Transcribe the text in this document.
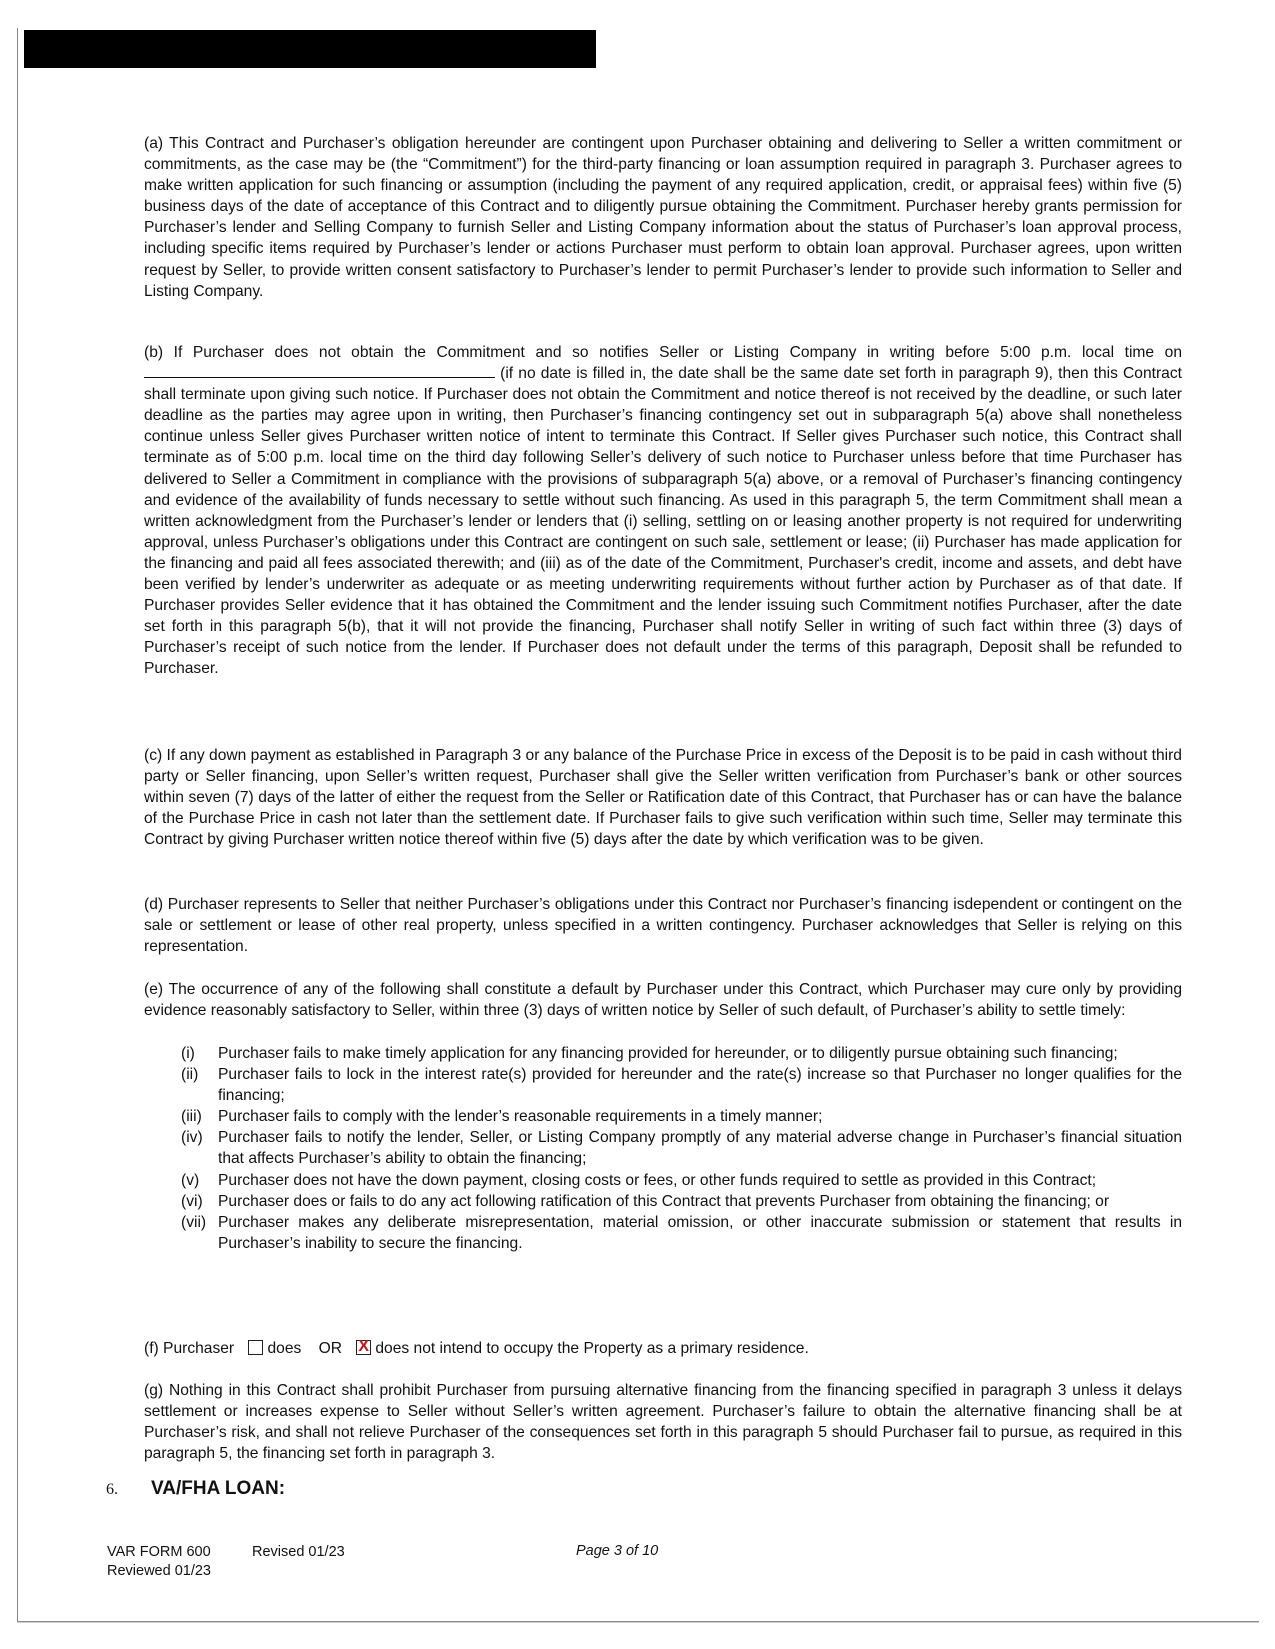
(a) This Contract and Purchaser’s obligation hereunder are contingent upon Purchaser obtaining and delivering to Seller a written commitment or commitments, as the case may be (the “Commitment”) for the third-party financing or loan assumption required in paragraph 3. Purchaser agrees to make written application for such financing or assumption (including the payment of any required application, credit, or appraisal fees) within five (5) business days of the date of acceptance of this Contract and to diligently pursue obtaining the Commitment. Purchaser hereby grants permission for Purchaser’s lender and Selling Company to furnish Seller and Listing Company information about the status of Purchaser’s loan approval process, including specific items required by Purchaser’s lender or actions Purchaser must perform to obtain loan approval. Purchaser agrees, upon written request by Seller, to provide written consent satisfactory to Purchaser’s lender to permit Purchaser’s lender to provide such information to Seller and Listing Company.

(b) If Purchaser does not obtain the Commitment and so notifies Seller or Listing Company in writing before 5:00 p.m. local time on  (if no date is filled in, the date shall be the same date set forth in paragraph 9), then this Contract shall terminate upon giving such notice. If Purchaser does not obtain the Commitment and notice thereof is not received by the deadline, or such later deadline as the parties may agree upon in writing, then Purchaser’s financing contingency set out in subparagraph 5(a) above shall nonetheless continue unless Seller gives Purchaser written notice of intent to terminate this Contract. If Seller gives Purchaser such notice, this Contract shall terminate as of 5:00 p.m. local time on the third day following Seller’s delivery of such notice to Purchaser unless before that time Purchaser has delivered to Seller a Commitment in compliance with the provisions of subparagraph 5(a) above, or a removal of Purchaser’s financing contingency and evidence of the availability of funds necessary to settle without such financing. As used in this paragraph 5, the term Commitment shall mean a written acknowledgment from the Purchaser’s lender or lenders that (i) selling, settling on or leasing another property is not required for underwriting approval, unless Purchaser’s obligations under this Contract are contingent on such sale, settlement or lease; (ii) Purchaser has made application for the financing and paid all fees associated therewith; and (iii) as of the date of the Commitment, Purchaser's credit, income and assets, and debt have been verified by lender’s underwriter as adequate or as meeting underwriting requirements without further action by Purchaser as of that date. If Purchaser provides Seller evidence that it has obtained the Commitment and the lender issuing such Commitment notifies Purchaser, after the date set forth in this paragraph 5(b), that it will not provide the financing, Purchaser shall notify Seller in writing of such fact within three (3) days of Purchaser’s receipt of such notice from the lender. If Purchaser does not default under the terms of this paragraph, Deposit shall be refunded to Purchaser.

(c) If any down payment as established in Paragraph 3 or any balance of the Purchase Price in excess of the Deposit is to be paid in cash without third party or Seller financing, upon Seller’s written request, Purchaser shall give the Seller written verification from Purchaser’s bank or other sources within seven (7) days of the latter of either the request from the Seller or Ratification date of this Contract, that Purchaser has or can have the balance of the Purchase Price in cash not later than the settlement date. If Purchaser fails to give such verification within such time, Seller may terminate this Contract by giving Purchaser written notice thereof within five (5) days after the date by which verification was to be given.

(d) Purchaser represents to Seller that neither Purchaser’s obligations under this Contract nor Purchaser’s financing isdependent or contingent on the sale or settlement or lease of other real property, unless specified in a written contingency. Purchaser acknowledges that Seller is relying on this representation.

(e) The occurrence of any of the following shall constitute a default by Purchaser under this Contract, which Purchaser may cure only by providing evidence reasonably satisfactory to Seller, within three (3) days of written notice by Seller of such default, of Purchaser’s ability to settle timely:

(i)	Purchaser fails to make timely application for any financing provided for hereunder, or to diligently pursue obtaining such financing;
(ii)	Purchaser fails to lock in the interest rate(s) provided for hereunder and the rate(s) increase so that Purchaser no longer qualifies for the financing;
(iii)	Purchaser fails to comply with the lender’s reasonable requirements in a timely manner;
(iv) Purchaser fails to notify the lender, Seller, or Listing Company promptly of any material adverse change in Purchaser’s financial situation that affects Purchaser’s ability to obtain the financing;
(v)	Purchaser does not have the down payment, closing costs or fees, or other funds required to settle as provided in this Contract;
(vi) Purchaser does or fails to do any act following ratification of this Contract that prevents Purchaser from obtaining the financing; or
(vii) Purchaser makes any deliberate misrepresentation, material omission, or other inaccurate submission or statement that results in Purchaser’s inability to secure the financing.

(f) Purchaser does OR X does not intend to occupy the Property as a primary residence.

(g) Nothing in this Contract shall prohibit Purchaser from pursuing alternative financing from the financing specified in paragraph 3 unless it delays settlement or increases expense to Seller without Seller’s written agreement. Purchaser’s failure to obtain the alternative financing shall be at Purchaser’s risk, and shall not relieve Purchaser of the consequences set forth in this paragraph 5 should Purchaser fail to pursue, as required in this paragraph 5, the financing set forth in paragraph 3.

6. VA/FHA LOAN:
VAR FORM 600
Reviewed 01/23
Revised 01/23	Page 3 of 10
